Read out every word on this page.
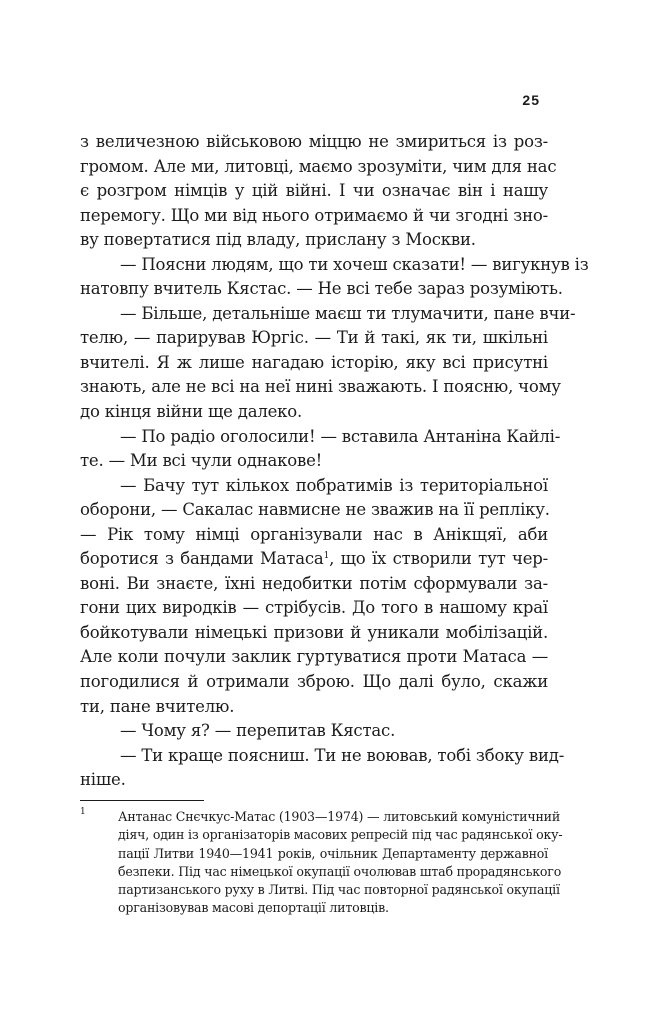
25
з величезною військовою міццю не змириться із роз-
громом. Але ми, литовці, маємо зрозуміти, чим для нас
є розгром німців у цій війні. І чи означає він і нашу
перемогу. Що ми від нього отримаємо й чи згодні зно-
ву повертатися під владу, прислану з Москви.
— Поясни людям, що ти хочеш сказати! — вигукнув із
натовпу вчитель Кястас. — Не всі тебе зараз розуміють.
— Більше, детальніше маєш ти тлумачити, пане вчи-
телю, — парирував Юргіс. — Ти й такі, як ти, шкільні
вчителі. Я ж лише нагадаю історію, яку всі присутні
знають, але не всі на неї нині зважають. І поясню, чому
до кінця війни ще далеко.
— По радіо оголосили! — вставила Антаніна Кайлі-
те. — Ми всі чули однакове!
— Бачу тут кількох побратимів із територіальної
оборони, — Сакалас навмисне не зважив на її репліку.
— Рік тому німці організували нас в Анікщяї, аби
боротися з бандами Матаса$^1$, що їх створили тут чер-
воні. Ви знаєте, їхні недобитки потім сформували за-
гони цих виродків — стрібусів. До того в нашому краї
бойкотували німецькі призови й уникали мобілізацій.
Але коли почули заклик гуртуватися проти Матаса —
погодилися й отримали зброю. Що далі було, скажи
ти, пане вчителю.
— Чому я? — перепитав Кястас.
— Ти краще поясниш. Ти не воював, тобі збоку вид-
ніше.
1	Антанас Снєчкус-Матас (1903—1974) — литовський комуністичний
діяч, один із організаторів масових репресій під час радянської оку-
пації Литви 1940—1941 років, очільник Департаменту державної
безпеки. Під час німецької окупації очолював штаб прорадянського
партизанського руху в Литві. Під час повторної радянської окупації
організовував масові депортації литовців.
